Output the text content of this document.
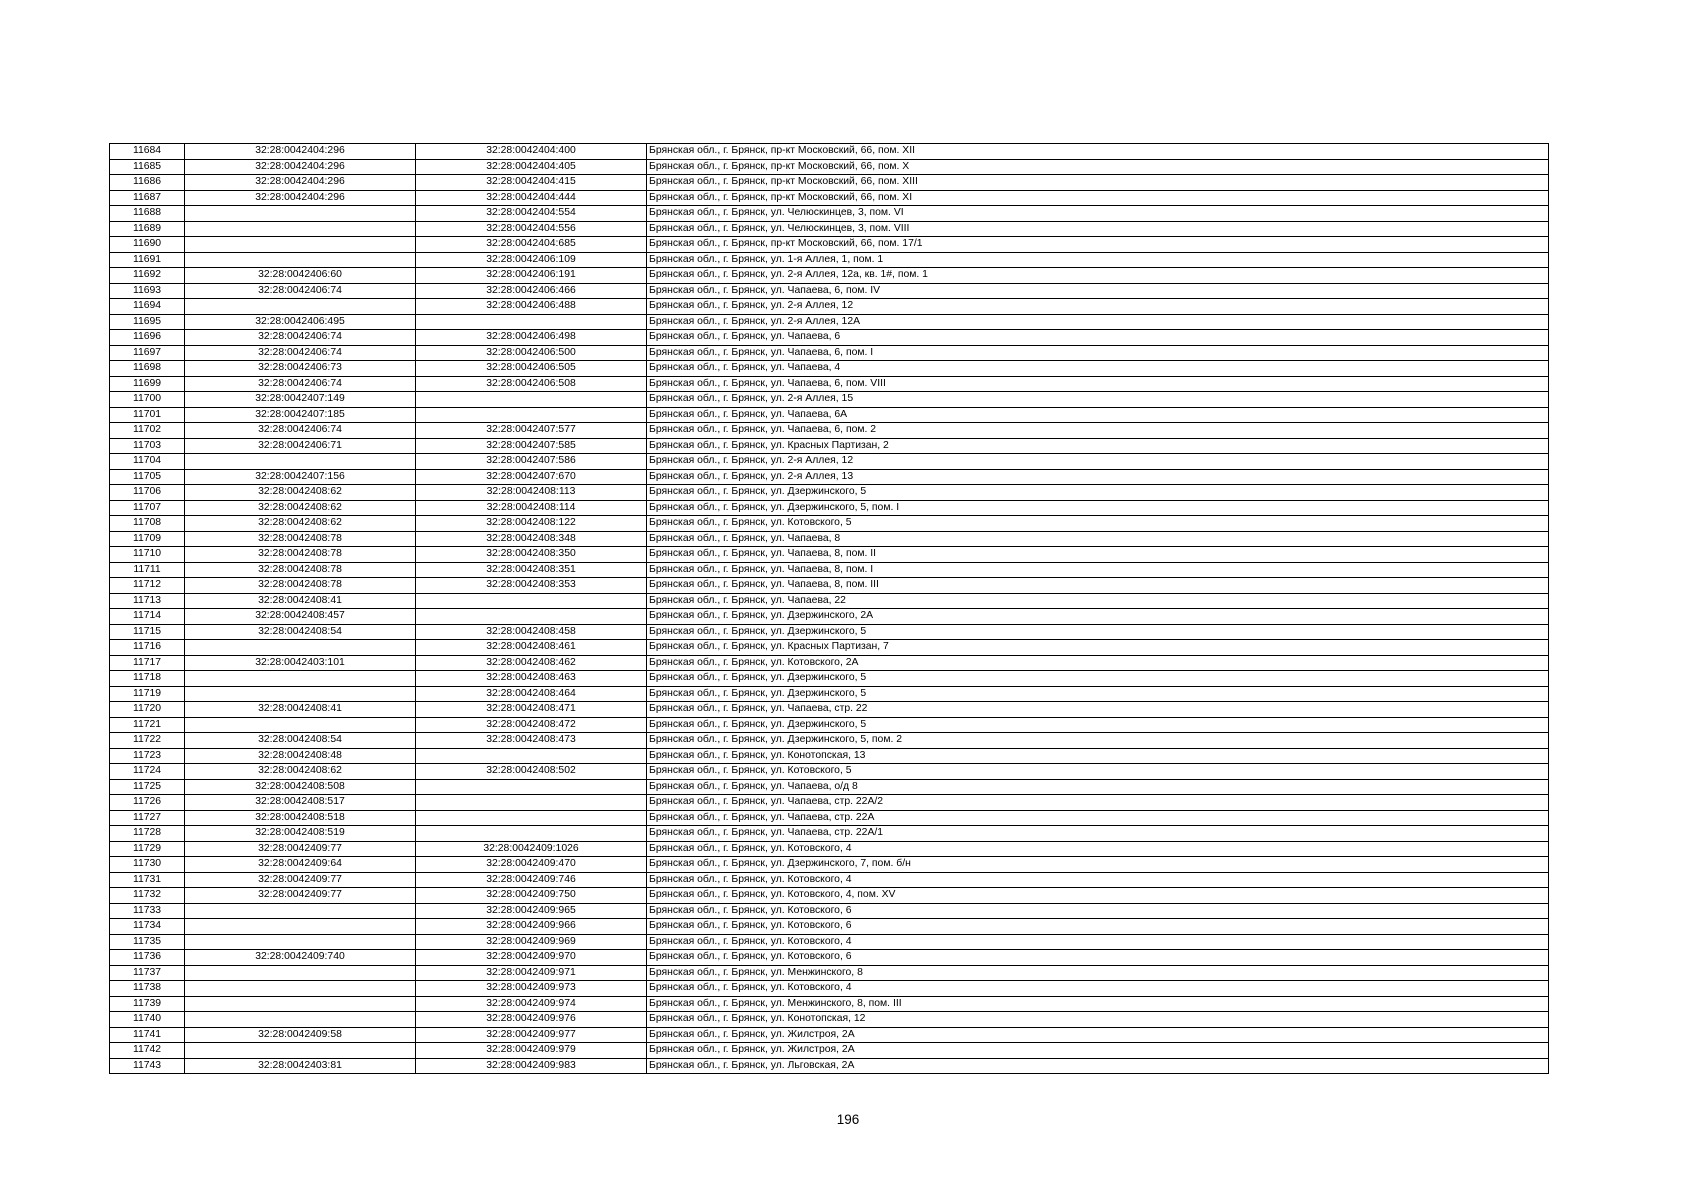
11684	32:28:0042404:296	32:28:0042404:400	Брянская обл., г. Брянск, пр-кт Московский, 66, пом. XII
11685	32:28:0042404:296	32:28:0042404:405	Брянская обл., г. Брянск, пр-кт Московский, 66, пом. X
11686	32:28:0042404:296	32:28:0042404:415	Брянская обл., г. Брянск, пр-кт Московский, 66, пом. XIII
11687	32:28:0042404:296	32:28:0042404:444	Брянская обл., г. Брянск, пр-кт Московский, 66, пом. XI
11688		32:28:0042404:554	Брянская обл., г. Брянск, ул. Челюскинцев, 3, пом. VI
11689		32:28:0042404:556	Брянская обл., г. Брянск, ул. Челюскинцев, 3, пом. VIII
11690		32:28:0042404:685	Брянская обл., г. Брянск, пр-кт Московский, 66, пом. 17/1
11691		32:28:0042406:109	Брянская обл., г. Брянск, ул. 1-я Аллея, 1, пом. 1
11692	32:28:0042406:60	32:28:0042406:191	Брянская обл., г. Брянск, ул. 2-я Аллея, 12а, кв. 1#, пом. 1
11693	32:28:0042406:74	32:28:0042406:466	Брянская обл., г. Брянск, ул. Чапаева, 6, пом. IV
11694		32:28:0042406:488	Брянская обл., г. Брянск, ул. 2-я Аллея, 12
11695	32:28:0042406:495		Брянская обл., г. Брянск, ул. 2-я Аллея, 12А
11696	32:28:0042406:74	32:28:0042406:498	Брянская обл., г. Брянск, ул. Чапаева, 6
11697	32:28:0042406:74	32:28:0042406:500	Брянская обл., г. Брянск, ул. Чапаева, 6, пом. I
11698	32:28:0042406:73	32:28:0042406:505	Брянская обл., г. Брянск, ул. Чапаева, 4
11699	32:28:0042406:74	32:28:0042406:508	Брянская обл., г. Брянск, ул. Чапаева, 6, пом. VIII
11700	32:28:0042407:149		Брянская обл., г. Брянск, ул. 2-я Аллея, 15
11701	32:28:0042407:185		Брянская обл., г. Брянск, ул. Чапаева, 6А
11702	32:28:0042406:74	32:28:0042407:577	Брянская обл., г. Брянск, ул. Чапаева, 6, пом. 2
11703	32:28:0042406:71	32:28:0042407:585	Брянская обл., г. Брянск, ул. Красных Партизан, 2
11704		32:28:0042407:586	Брянская обл., г. Брянск, ул. 2-я Аллея, 12
11705	32:28:0042407:156	32:28:0042407:670	Брянская обл., г. Брянск, ул. 2-я Аллея, 13
11706	32:28:0042408:62	32:28:0042408:113	Брянская обл., г. Брянск, ул. Дзержинского, 5
11707	32:28:0042408:62	32:28:0042408:114	Брянская обл., г. Брянск, ул. Дзержинского, 5, пом. I
11708	32:28:0042408:62	32:28:0042408:122	Брянская обл., г. Брянск, ул. Котовского, 5
11709	32:28:0042408:78	32:28:0042408:348	Брянская обл., г. Брянск, ул. Чапаева, 8
11710	32:28:0042408:78	32:28:0042408:350	Брянская обл., г. Брянск, ул. Чапаева, 8, пом. II
11711	32:28:0042408:78	32:28:0042408:351	Брянская обл., г. Брянск, ул. Чапаева, 8, пом. I
11712	32:28:0042408:78	32:28:0042408:353	Брянская обл., г. Брянск, ул. Чапаева, 8, пом. III
11713	32:28:0042408:41		Брянская обл., г. Брянск, ул. Чапаева, 22
11714	32:28:0042408:457		Брянская обл., г. Брянск, ул. Дзержинского, 2А
11715	32:28:0042408:54	32:28:0042408:458	Брянская обл., г. Брянск, ул. Дзержинского, 5
11716		32:28:0042408:461	Брянская обл., г. Брянск, ул. Красных Партизан, 7
11717	32:28:0042403:101	32:28:0042408:462	Брянская обл., г. Брянск, ул. Котовского, 2А
11718		32:28:0042408:463	Брянская обл., г. Брянск, ул. Дзержинского, 5
11719		32:28:0042408:464	Брянская обл., г. Брянск, ул. Дзержинского, 5
11720	32:28:0042408:41	32:28:0042408:471	Брянская обл., г. Брянск, ул. Чапаева, стр. 22
11721		32:28:0042408:472	Брянская обл., г. Брянск, ул. Дзержинского, 5
11722	32:28:0042408:54	32:28:0042408:473	Брянская обл., г. Брянск, ул. Дзержинского, 5, пом. 2
11723	32:28:0042408:48		Брянская обл., г. Брянск, ул. Конотопская, 13
11724	32:28:0042408:62	32:28:0042408:502	Брянская обл., г. Брянск, ул. Котовского, 5
11725	32:28:0042408:508		Брянская обл., г. Брянск, ул. Чапаева, о/д 8
11726	32:28:0042408:517		Брянская обл., г. Брянск, ул. Чапаева, стр. 22А/2
11727	32:28:0042408:518		Брянская обл., г. Брянск, ул. Чапаева, стр. 22А
11728	32:28:0042408:519		Брянская обл., г. Брянск, ул. Чапаева, стр. 22А/1
11729	32:28:0042409:77	32:28:0042409:1026	Брянская обл., г. Брянск, ул. Котовского, 4
11730	32:28:0042409:64	32:28:0042409:470	Брянская обл., г. Брянск, ул. Дзержинского, 7, пом. б/н
11731	32:28:0042409:77	32:28:0042409:746	Брянская обл., г. Брянск, ул. Котовского, 4
11732	32:28:0042409:77	32:28:0042409:750	Брянская обл., г. Брянск, ул. Котовского, 4, пом. XV
11733		32:28:0042409:965	Брянская обл., г. Брянск, ул. Котовского, 6
11734		32:28:0042409:966	Брянская обл., г. Брянск, ул. Котовского, 6
11735		32:28:0042409:969	Брянская обл., г. Брянск, ул. Котовского, 4
11736	32:28:0042409:740	32:28:0042409:970	Брянская обл., г. Брянск, ул. Котовского, 6
11737		32:28:0042409:971	Брянская обл., г. Брянск, ул. Менжинского, 8
11738		32:28:0042409:973	Брянская обл., г. Брянск, ул. Котовского, 4
11739		32:28:0042409:974	Брянская обл., г. Брянск, ул. Менжинского, 8, пом. III
11740		32:28:0042409:976	Брянская обл., г. Брянск, ул. Конотопская, 12
11741	32:28:0042409:58	32:28:0042409:977	Брянская обл., г. Брянск, ул. Жилстроя, 2А
11742		32:28:0042409:979	Брянская обл., г. Брянск, ул. Жилстроя, 2А
11743	32:28:0042403:81	32:28:0042409:983	Брянская обл., г. Брянск, ул. Льговская, 2А
196
